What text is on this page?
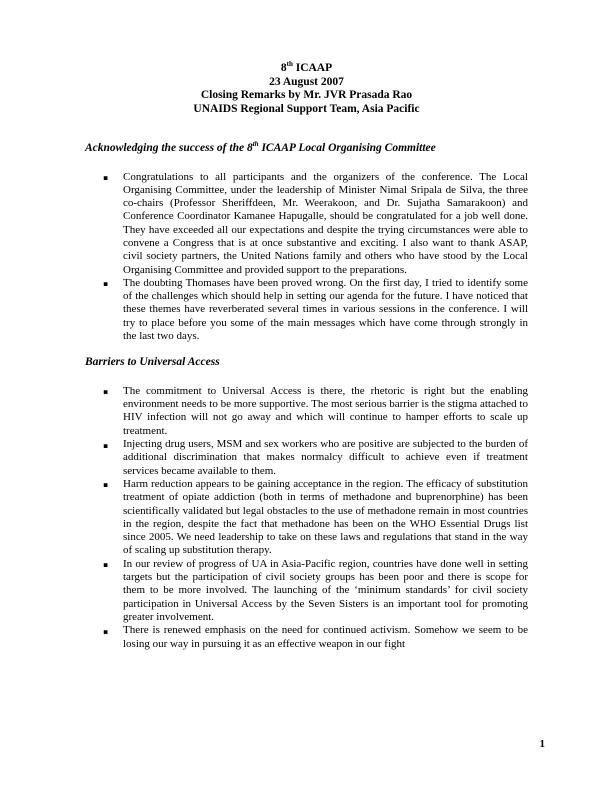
8th ICAAP
23 August 2007
Closing Remarks by Mr. JVR Prasada Rao
UNAIDS Regional Support Team, Asia Pacific
Acknowledging the success of the 8th ICAAP Local Organising Committee
▪ Congratulations to all participants and the organizers of the conference. The Local Organising Committee, under the leadership of Minister Nimal Sripala de Silva, the three co-chairs (Professor Sheriffdeen, Mr. Weerakoon, and Dr. Sujatha Samarakoon) and Conference Coordinator Kamanee Hapugalle, should be congratulated for a job well done. They have exceeded all our expectations and despite the trying circumstances were able to convene a Congress that is at once substantive and exciting. I also want to thank ASAP, civil society partners, the United Nations family and others who have stood by the Local Organising Committee and provided support to the preparations.
▪ The doubting Thomases have been proved wrong. On the first day, I tried to identify some of the challenges which should help in setting our agenda for the future. I have noticed that these themes have reverberated several times in various sessions in the conference. I will try to place before you some of the main messages which have come through strongly in the last two days.
Barriers to Universal Access
▪ The commitment to Universal Access is there, the rhetoric is right but the enabling environment needs to be more supportive. The most serious barrier is the stigma attached to HIV infection will not go away and which will continue to hamper efforts to scale up treatment.
▪ Injecting drug users, MSM and sex workers who are positive are subjected to the burden of additional discrimination that makes normalcy difficult to achieve even if treatment services became available to them.
▪ Harm reduction appears to be gaining acceptance in the region. The efficacy of substitution treatment of opiate addiction (both in terms of methadone and buprenorphine) has been scientifically validated but legal obstacles to the use of methadone remain in most countries in the region, despite the fact that methadone has been on the WHO Essential Drugs list since 2005. We need leadership to take on these laws and regulations that stand in the way of scaling up substitution therapy.
▪ In our review of progress of UA in Asia-Pacific region, countries have done well in setting targets but the participation of civil society groups has been poor and there is scope for them to be more involved. The launching of the ‘minimum standards’ for civil society participation in Universal Access by the Seven Sisters is an important tool for promoting greater involvement.
▪ There is renewed emphasis on the need for continued activism. Somehow we seem to be losing our way in pursuing it as an effective weapon in our fight
1
